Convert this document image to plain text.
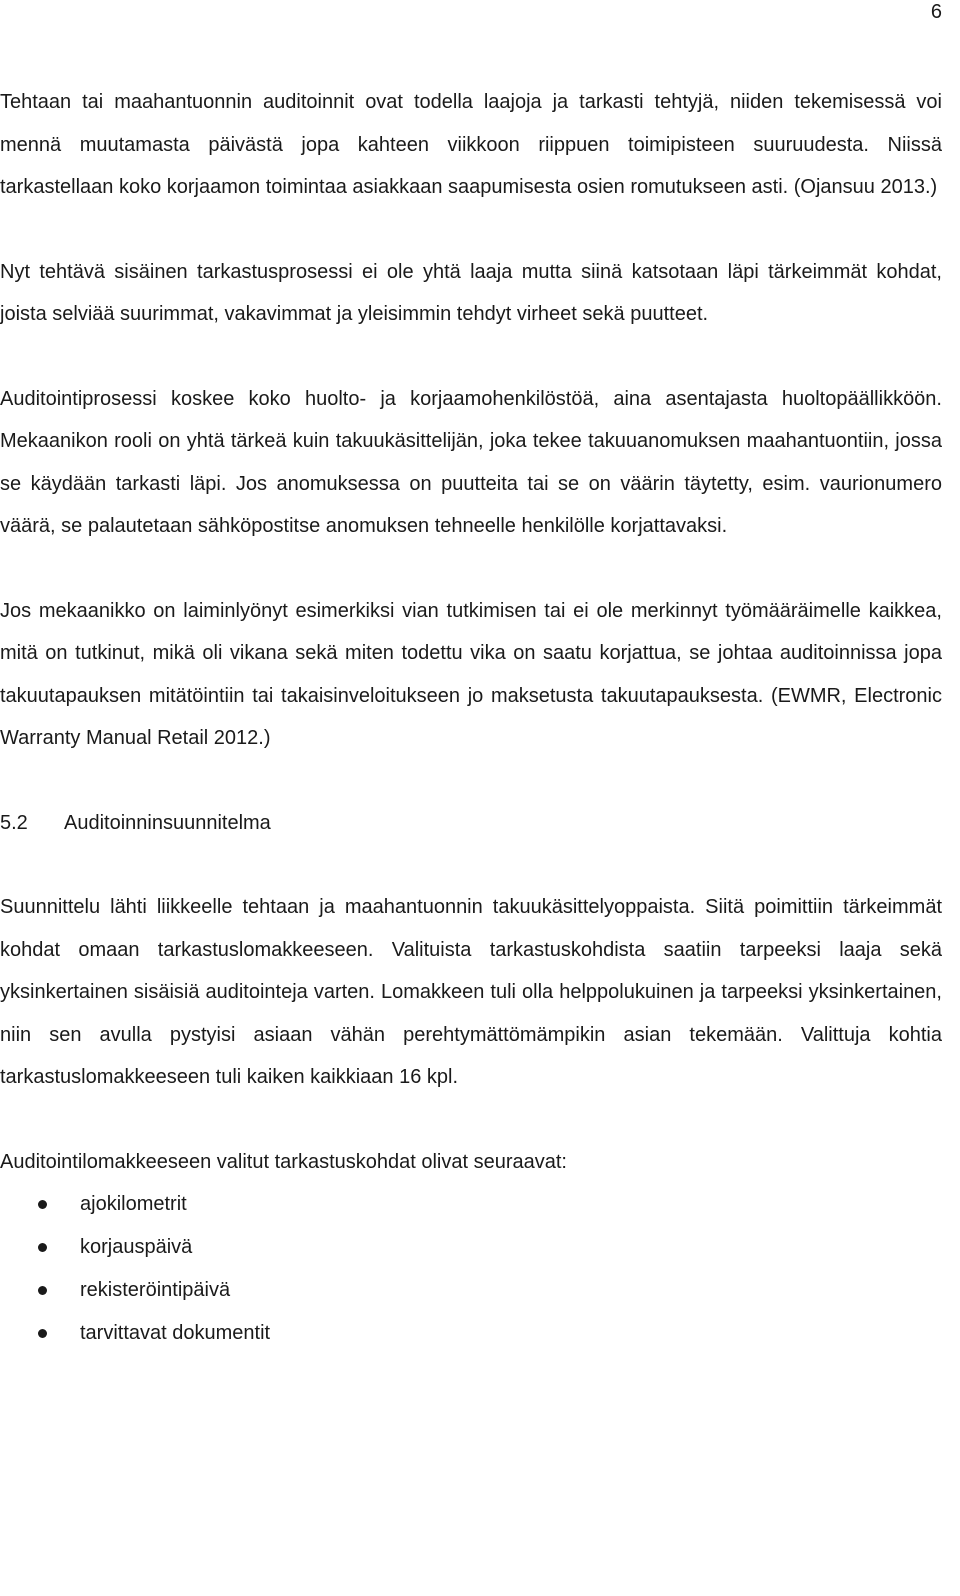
6

Tehtaan tai maahantuonnin auditoinnit ovat todella laajoja ja tarkasti tehtyjä, niiden tekemisessä voi mennä muutamasta päivästä jopa kahteen viikkoon riippuen toimipisteen suuruudesta. Niissä tarkastellaan koko korjaamon toimintaa asiakkaan saapumisesta osien romutukseen asti. (Ojansuu 2013.)

Nyt tehtävä sisäinen tarkastusprosessi ei ole yhtä laaja mutta siinä katsotaan läpi tärkeimmät kohdat, joista selviää suurimmat, vakavimmat ja yleisimmin tehdyt virheet sekä puutteet.

Auditointiprosessi koskee koko huolto- ja korjaamohenkilöstöä, aina asentajasta huoltopäällikköön. Mekaanikon rooli on yhtä tärkeä kuin takuukäsittelijän, joka tekee takuuanomuksen maahantuontiin, jossa se käydään tarkasti läpi. Jos anomuksessa on puutteita tai se on väärin täytetty, esim. vaurionumero väärä, se palautetaan sähköpostitse anomuksen tehneelle henkilölle korjattavaksi.

Jos mekaanikko on laiminlyönyt esimerkiksi vian tutkimisen tai ei ole merkinnyt työmääräimelle kaikkea, mitä on tutkinut, mikä oli vikana sekä miten todettu vika on saatu korjattua, se johtaa auditoinnissa jopa takuutapauksen mitätöintiin tai takaisinveloitukseen jo maksetusta takuutapauksesta. (EWMR, Electronic Warranty Manual Retail 2012.)

5.2	Auditoinninsuunnitelma

Suunnittelu lähti liikkeelle tehtaan ja maahantuonnin takuukäsittelyoppaista. Siitä poimittiin tärkeimmät kohdat omaan tarkastuslomakkeeseen. Valituista tarkastuskohdista saatiin tarpeeksi laaja sekä yksinkertainen sisäisiä auditointeja varten. Lomakkeen tuli olla helppolukuinen ja tarpeeksi yksinkertainen, niin sen avulla pystyisi asiaan vähän perehtymättömämpikin asian tekemään. Valittuja kohtia tarkastuslomakkeeseen tuli kaiken kaikkiaan 16 kpl.

Auditointilomakkeeseen valitut tarkastuskohdat olivat seuraavat:

ajokilometrit
korjauspäivä
rekisteröintipäivä
tarvittavat dokumentit
